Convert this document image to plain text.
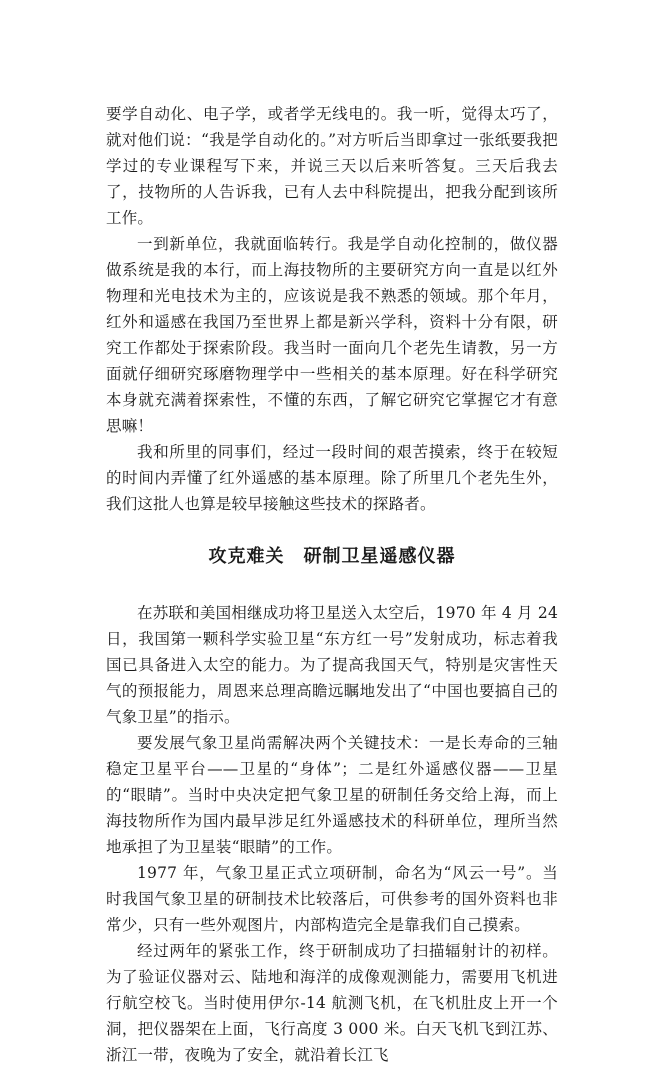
要学自动化、电子学，或者学无线电的。我一听，觉得太巧了，就对他们说：“我是学自动化的。”对方听后当即拿过一张纸要我把学过的专业课程写下来，并说三天以后来听答复。三天后我去了，技物所的人告诉我，已有人去中科院提出，把我分配到该所工作。

一到新单位，我就面临转行。我是学自动化控制的，做仪器做系统是我的本行，而上海技物所的主要研究方向一直是以红外物理和光电技术为主的，应该说是我不熟悉的领域。那个年月，红外和遥感在我国乃至世界上都是新兴学科，资料十分有限，研究工作都处于探索阶段。我当时一面向几个老先生请教，另一方面就仔细研究琢磨物理学中一些相关的基本原理。好在科学研究本身就充满着探索性，不懂的东西，了解它研究它掌握它才有意思嘛！

我和所里的同事们，经过一段时间的艰苦摸索，终于在较短的时间内弄懂了红外遥感的基本原理。除了所里几个老先生外，我们这批人也算是较早接触这些技术的探路者。

攻克难关　研制卫星遥感仪器

在苏联和美国相继成功将卫星送入太空后，1970 年 4 月 24 日，我国第一颗科学实验卫星“东方红一号”发射成功，标志着我国已具备进入太空的能力。为了提高我国天气，特别是灾害性天气的预报能力，周恩来总理高瞻远瞩地发出了“中国也要搞自己的气象卫星”的指示。

要发展气象卫星尚需解决两个关键技术：一是长寿命的三轴稳定卫星平台——卫星的“身体”；二是红外遥感仪器——卫星的“眼睛”。当时中央决定把气象卫星的研制任务交给上海，而上海技物所作为国内最早涉足红外遥感技术的科研单位，理所当然地承担了为卫星装“眼睛”的工作。

1977 年，气象卫星正式立项研制，命名为“风云一号”。当时我国气象卫星的研制技术比较落后，可供参考的国外资料也非常少，只有一些外观图片，内部构造完全是靠我们自己摸索。

经过两年的紧张工作，终于研制成功了扫描辐射计的初样。为了验证仪器对云、陆地和海洋的成像观测能力，需要用飞机进行航空校飞。当时使用伊尔-14 航测飞机，在飞机肚皮上开一个洞，把仪器架在上面，飞行高度 3 000 米。白天飞机飞到江苏、浙江一带，夜晚为了安全，就沿着长江飞
